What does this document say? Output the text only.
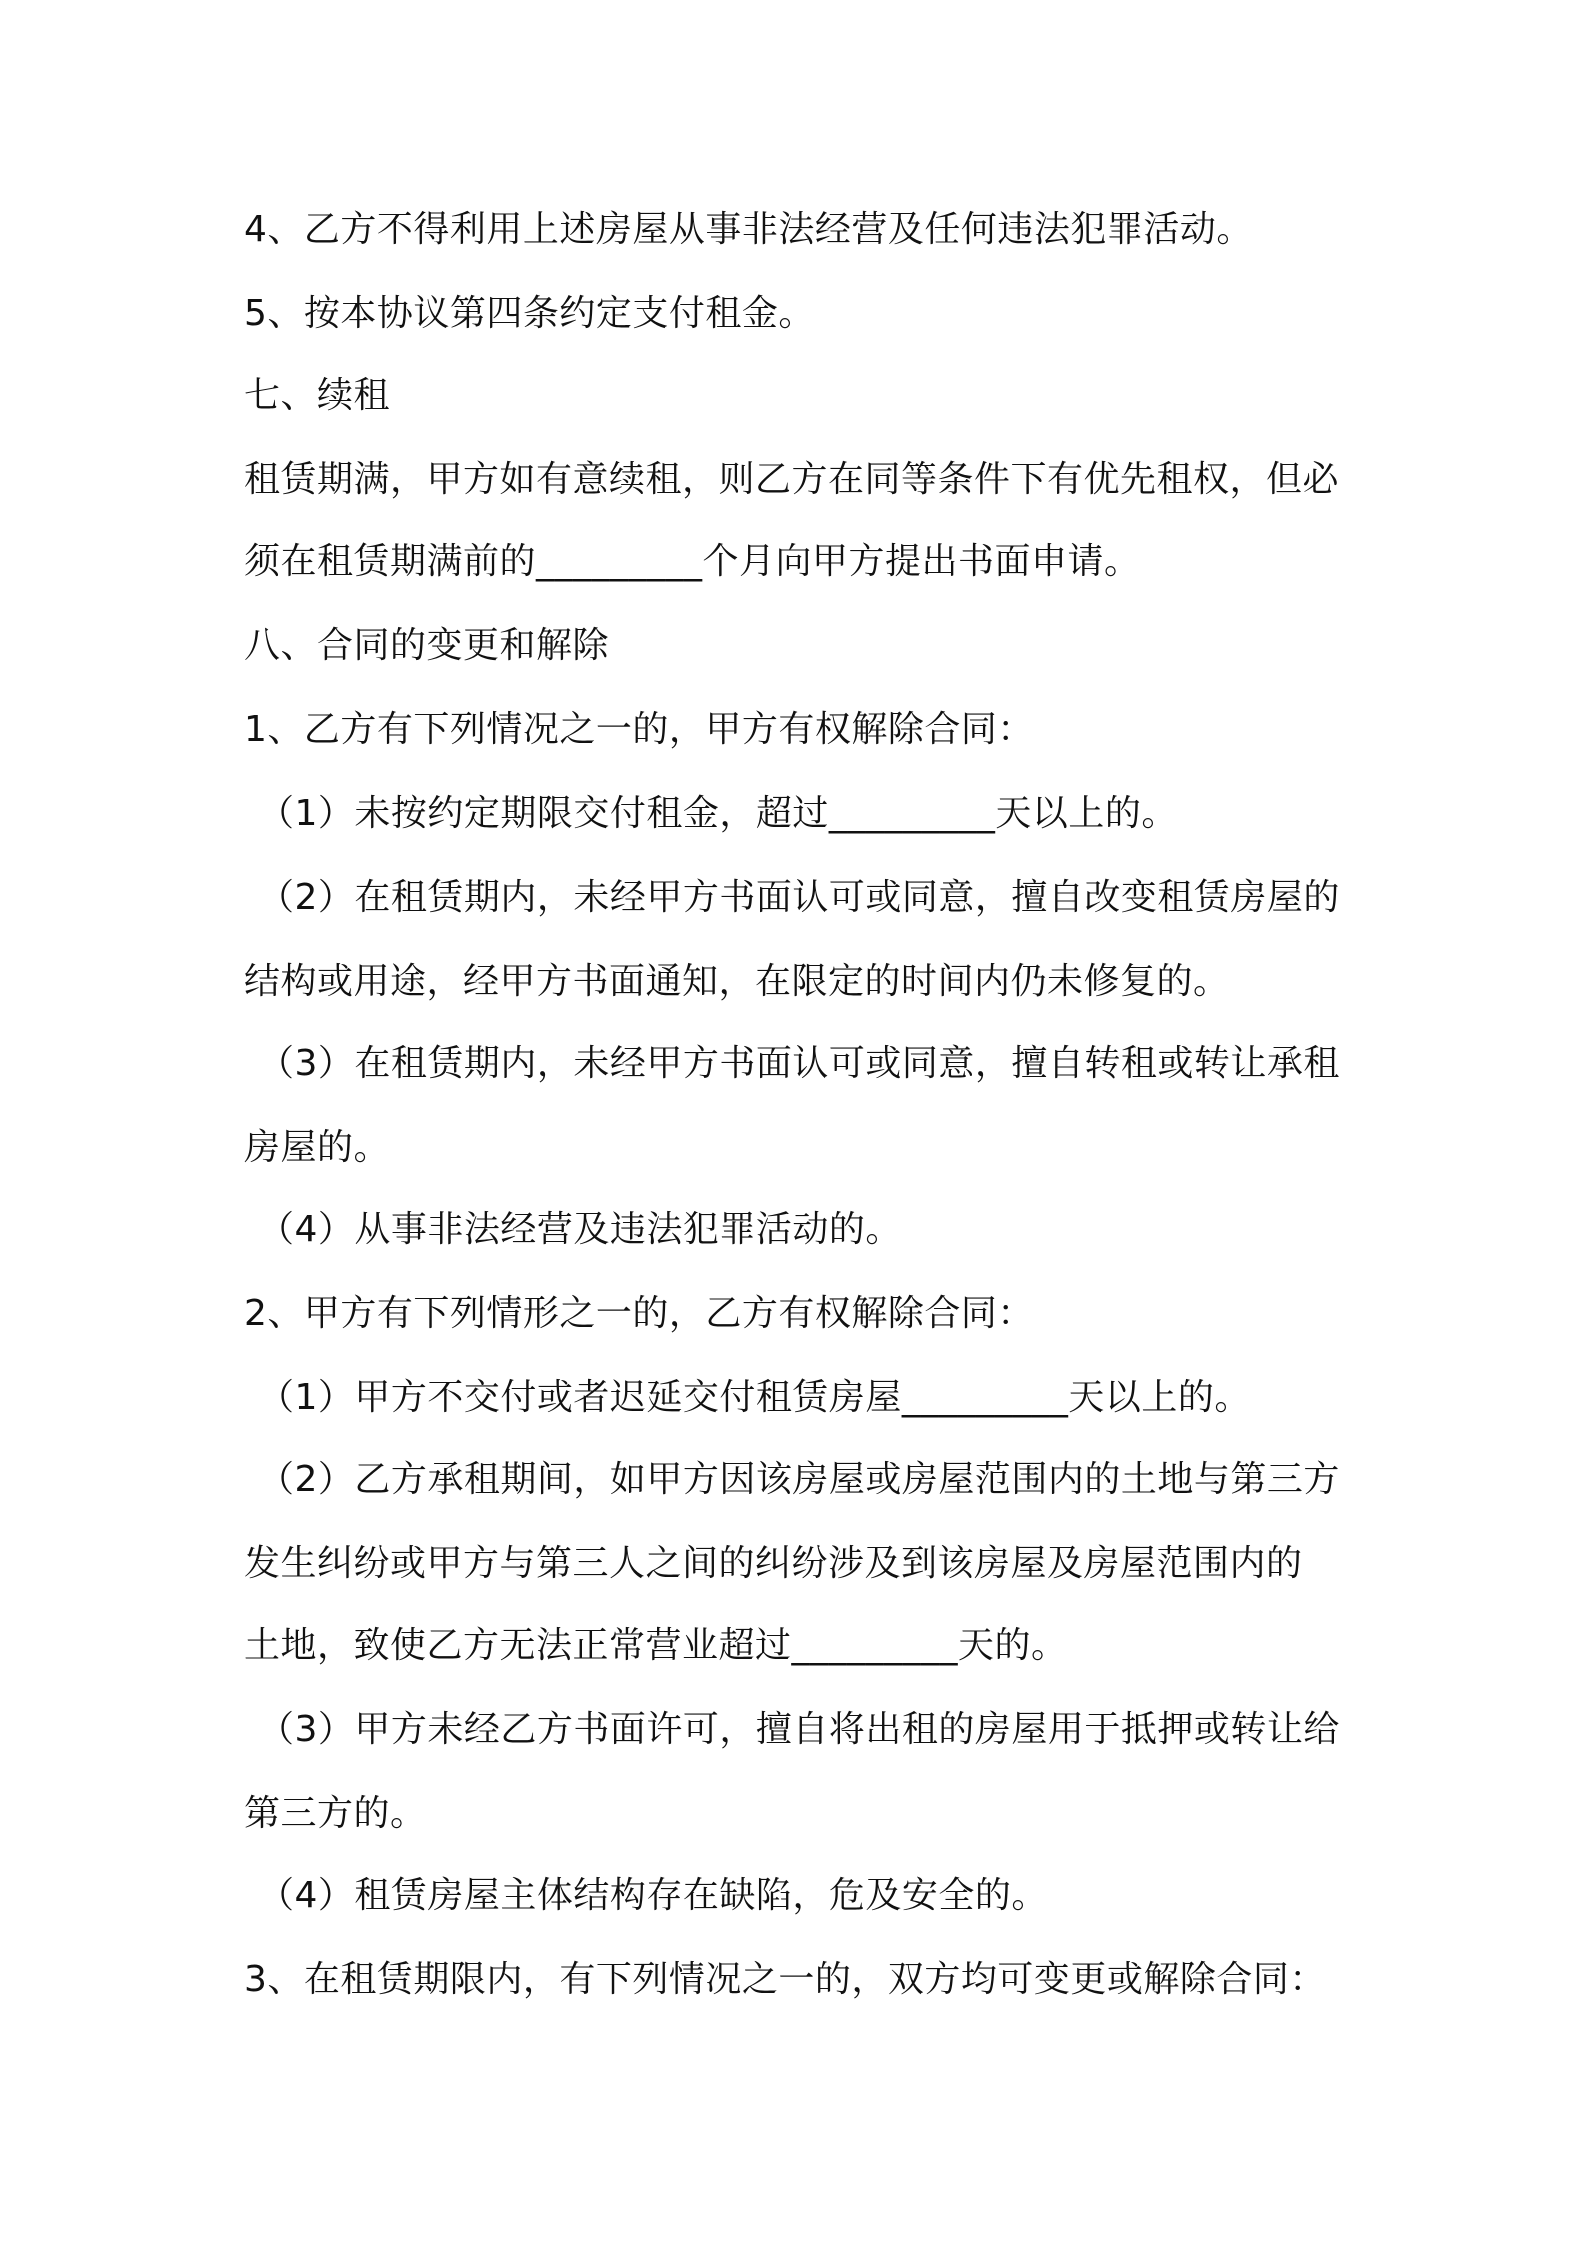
4、乙方不得利用上述房屋从事非法经营及任何违法犯罪活动。
5、按本协议第四条约定支付租金。
七、续租
租赁期满，甲方如有意续租，则乙方在同等条件下有优先租权，但必
须在租赁期满前的_________个月向甲方提出书面申请。
八、合同的变更和解除
1、乙方有下列情况之一的，甲方有权解除合同：
（1）未按约定期限交付租金，超过_________天以上的。
（2）在租赁期内，未经甲方书面认可或同意，擅自改变租赁房屋的
结构或用途，经甲方书面通知，在限定的时间内仍未修复的。
（3）在租赁期内，未经甲方书面认可或同意，擅自转租或转让承租
房屋的。
（4）从事非法经营及违法犯罪活动的。
2、甲方有下列情形之一的，乙方有权解除合同：
（1）甲方不交付或者迟延交付租赁房屋_________天以上的。
（2）乙方承租期间，如甲方因该房屋或房屋范围内的土地与第三方
发生纠纷或甲方与第三人之间的纠纷涉及到该房屋及房屋范围内的
土地，致使乙方无法正常营业超过_________天的。
（3）甲方未经乙方书面许可，擅自将出租的房屋用于抵押或转让给
第三方的。
（4）租赁房屋主体结构存在缺陷，危及安全的。
3、在租赁期限内，有下列情况之一的，双方均可变更或解除合同：
